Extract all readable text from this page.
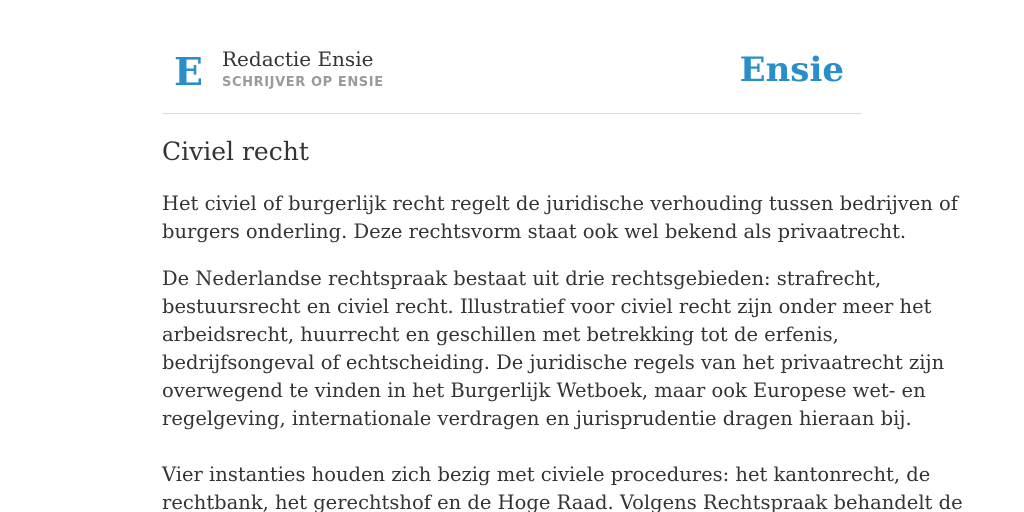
E Redactie Ensie
SCHRIJVER OP ENSIE	Ensie
Civiel recht

Het civiel of burgerlijk recht regelt de juridische verhouding tussen bedrijven of
burgers onderling. Deze rechtsvorm staat ook wel bekend als privaatrecht.

De Nederlandse rechtspraak bestaat uit drie rechtsgebieden: strafrecht,
bestuursrecht en civiel recht. Illustratief voor civiel recht zijn onder meer het
arbeidsrecht, huurrecht en geschillen met betrekking tot de erfenis,
bedrijfsongeval of echtscheiding. De juridische regels van het privaatrecht zijn
overwegend te vinden in het Burgerlijk Wetboek, maar ook Europese wet- en
regelgeving, internationale verdragen en jurisprudentie dragen hieraan bij.

Vier instanties houden zich bezig met civiele procedures: het kantonrecht, de
rechtbank, het gerechtshof en de Hoge Raad. Volgens Rechtspraak behandelt de
